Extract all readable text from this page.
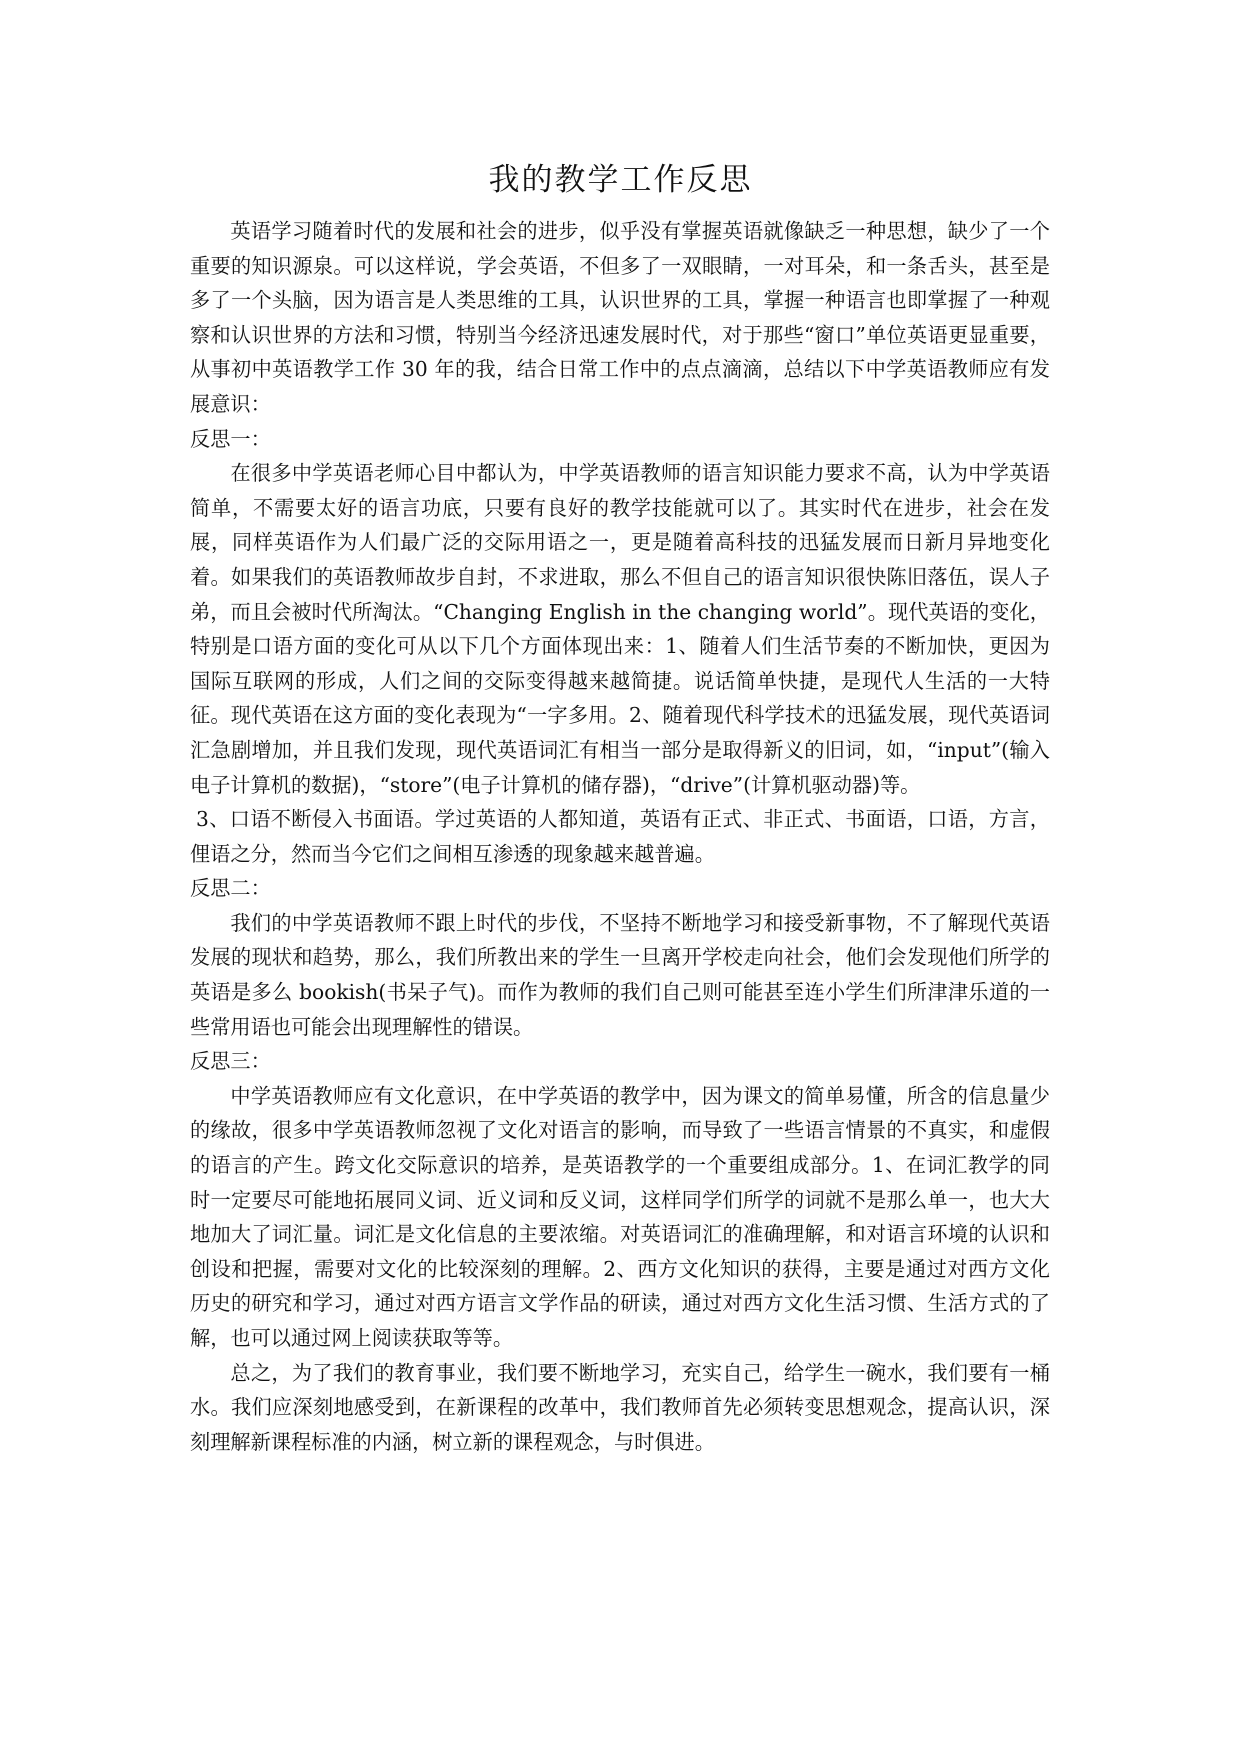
我的教学工作反思

英语学习随着时代的发展和社会的进步，似乎没有掌握英语就像缺乏一种思想，缺少了一个重要的知识源泉。可以这样说，学会英语，不但多了一双眼睛，一对耳朵，和一条舌头，甚至是多了一个头脑，因为语言是人类思维的工具，认识世界的工具，掌握一种语言也即掌握了一种观察和认识世界的方法和习惯，特别当今经济迅速发展时代，对于那些“窗口”单位英语更显重要，从事初中英语教学工作 30 年的我，结合日常工作中的点点滴滴，总结以下中学英语教师应有发展意识：

反思一：

在很多中学英语老师心目中都认为，中学英语教师的语言知识能力要求不高，认为中学英语简单，不需要太好的语言功底，只要有良好的教学技能就可以了。其实时代在进步，社会在发展，同样英语作为人们最广泛的交际用语之一，更是随着高科技的迅猛发展而日新月异地变化着。如果我们的英语教师故步自封，不求进取，那么不但自己的语言知识很快陈旧落伍，误人子弟，而且会被时代所淘汰。“Changing English in the changing world”。现代英语的变化，特别是口语方面的变化可从以下几个方面体现出来：1、随着人们生活节奏的不断加快，更因为国际互联网的形成，人们之间的交际变得越来越简捷。说话简单快捷，是现代人生活的一大特征。现代英语在这方面的变化表现为“一字多用。2、随着现代科学技术的迅猛发展，现代英语词汇急剧增加，并且我们发现，现代英语词汇有相当一部分是取得新义的旧词，如，“input”(输入电子计算机的数据)，“store”(电子计算机的储存器)，“drive”(计算机驱动器)等。

3、口语不断侵入书面语。学过英语的人都知道，英语有正式、非正式、书面语，口语，方言，俚语之分，然而当今它们之间相互渗透的现象越来越普遍。

反思二：

我们的中学英语教师不跟上时代的步伐，不坚持不断地学习和接受新事物，不了解现代英语发展的现状和趋势，那么，我们所教出来的学生一旦离开学校走向社会，他们会发现他们所学的英语是多么 bookish(书呆子气)。而作为教师的我们自己则可能甚至连小学生们所津津乐道的一些常用语也可能会出现理解性的错误。

反思三：

中学英语教师应有文化意识，在中学英语的教学中，因为课文的简单易懂，所含的信息量少的缘故，很多中学英语教师忽视了文化对语言的影响，而导致了一些语言情景的不真实，和虚假的语言的产生。跨文化交际意识的培养，是英语教学的一个重要组成部分。1、在词汇教学的同时一定要尽可能地拓展同义词、近义词和反义词，这样同学们所学的词就不是那么单一，也大大地加大了词汇量。词汇是文化信息的主要浓缩。对英语词汇的准确理解，和对语言环境的认识和创设和把握，需要对文化的比较深刻的理解。2、西方文化知识的获得，主要是通过对西方文化历史的研究和学习，通过对西方语言文学作品的研读，通过对西方文化生活习惯、生活方式的了解，也可以通过网上阅读获取等等。

总之，为了我们的教育事业，我们要不断地学习，充实自己，给学生一碗水，我们要有一桶水。我们应深刻地感受到，在新课程的改革中，我们教师首先必须转变思想观念，提高认识，深刻理解新课程标准的内涵，树立新的课程观念，与时俱进。
